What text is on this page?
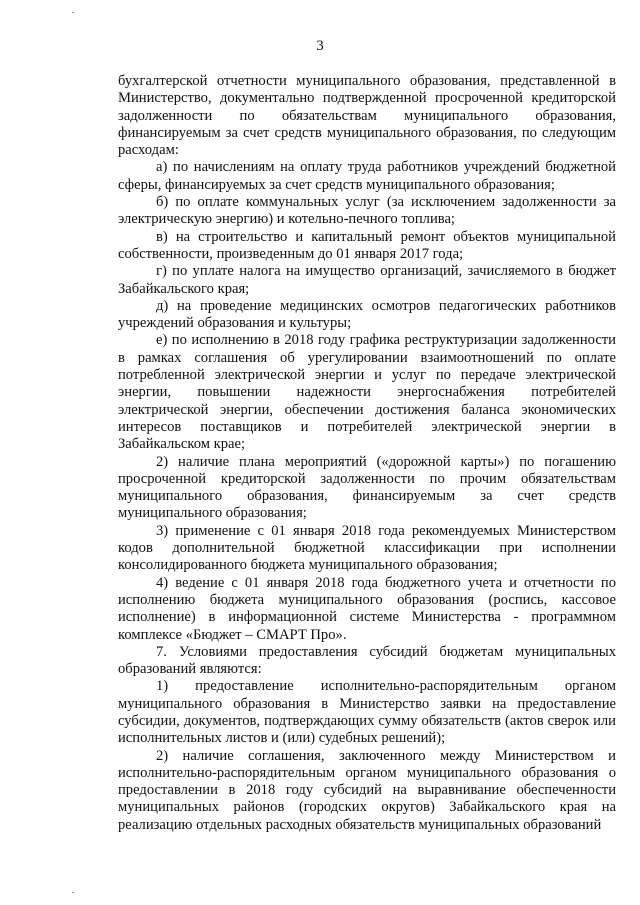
3

бухгалтерской отчетности муниципального образования, представленной в Министерство, документально подтвержденной просроченной кредиторской задолженности по обязательствам муниципального образования, финансируемым за счет средств муниципального образования, по следующим расходам:

а) по начислениям на оплату труда работников учреждений бюджетной сферы, финансируемых за счет средств муниципального образования;

б) по оплате коммунальных услуг (за исключением задолженности за электрическую энергию) и котельно-печного топлива;

в) на строительство и капитальный ремонт объектов муниципальной собственности, произведенным до 01 января 2017 года;

г) по уплате налога на имущество организаций, зачисляемого в бюджет Забайкальского края;

д) на проведение медицинских осмотров педагогических работников учреждений образования и культуры;

е) по исполнению в 2018 году графика реструктуризации задолженности в рамках соглашения об урегулировании взаимоотношений по оплате потребленной электрической энергии и услуг по передаче электрической энергии, повышении надежности энергоснабжения потребителей электрической энергии, обеспечении достижения баланса экономических интересов поставщиков и потребителей электрической энергии в Забайкальском крае;

2) наличие плана мероприятий («дорожной карты») по погашению просроченной кредиторской задолженности по прочим обязательствам муниципального образования, финансируемым за счет средств муниципального образования;

3) применение с 01 января 2018 года рекомендуемых Министерством кодов дополнительной бюджетной классификации при исполнении консолидированного бюджета муниципального образования;

4) ведение с 01 января 2018 года бюджетного учета и отчетности по исполнению бюджета муниципального образования (роспись, кассовое исполнение) в информационной системе Министерства - программном комплексе «Бюджет – СМАРТ Про».

7. Условиями предоставления субсидий бюджетам муниципальных образований являются:

1) предоставление исполнительно-распорядительным органом муниципального образования в Министерство заявки на предоставление субсидии, документов, подтверждающих сумму обязательств (актов сверок или исполнительных листов и (или) судебных решений);

2) наличие соглашения, заключенного между Министерством и исполнительно-распорядительным органом муниципального образования о предоставлении в 2018 году субсидий на выравнивание обеспеченности муниципальных районов (городских округов) Забайкальского края на реализацию отдельных расходных обязательств муниципальных образований
